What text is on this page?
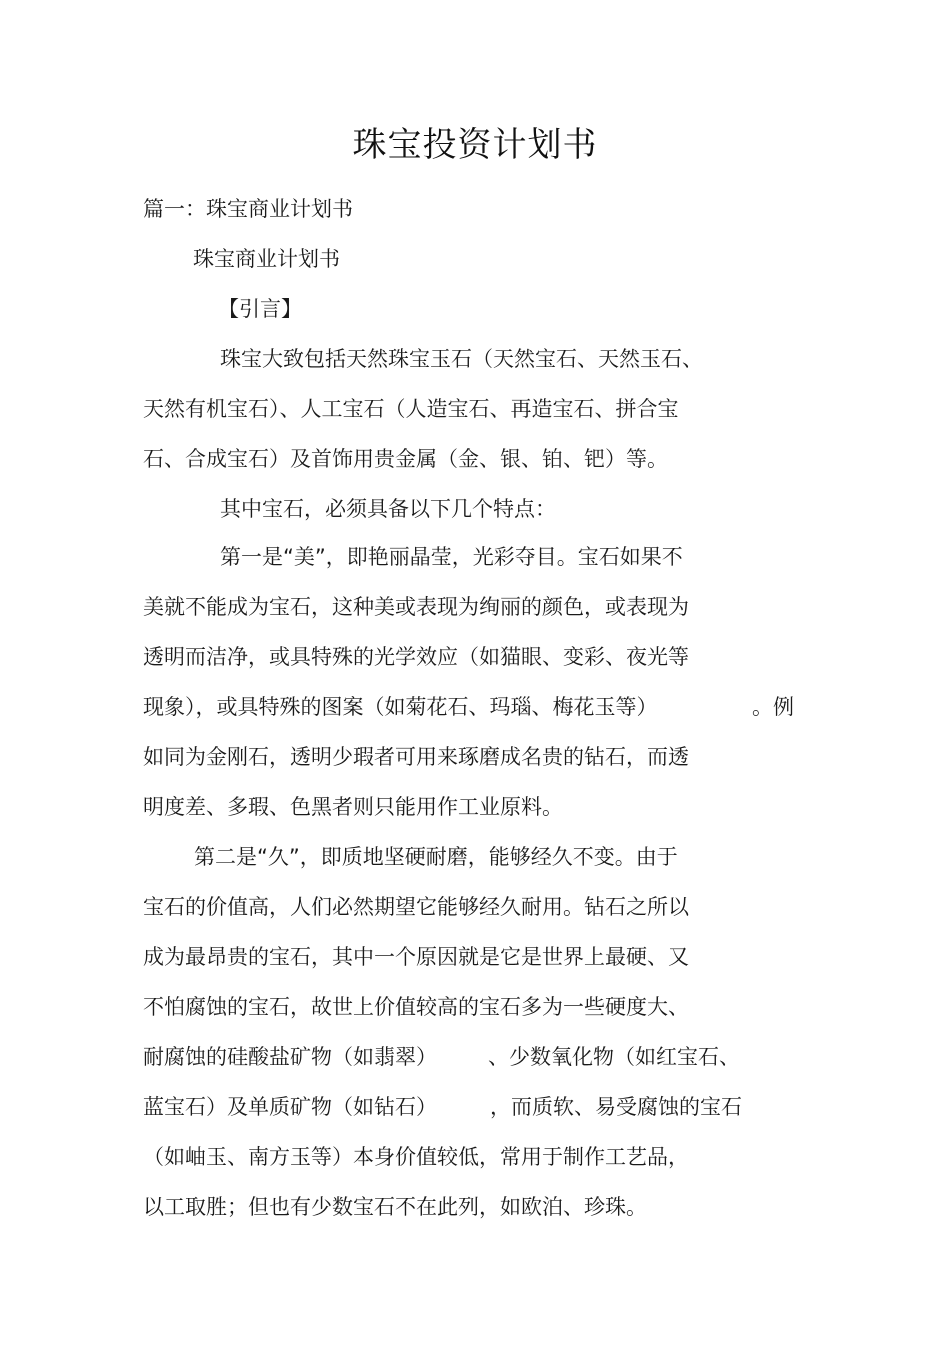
珠宝投资计划书
篇一：珠宝商业计划书
珠宝商业计划书
【引言】
珠宝大致包括天然珠宝玉石（天然宝石、天然玉石、
天然有机宝石）、人工宝石（人造宝石、再造宝石、拼合宝
石、合成宝石）及首饰用贵金属（金、银、铂、钯）等。
其中宝石，必须具备以下几个特点：
第一是“美”，即艳丽晶莹，光彩夺目。宝石如果不
美就不能成为宝石，这种美或表现为绚丽的颜色，或表现为
透明而洁净，或具特殊的光学效应（如猫眼、变彩、夜光等
现象），或具特殊的图案（如菊花石、玛瑙、梅花玉等）	。例
如同为金刚石，透明少瑕者可用来琢磨成名贵的钻石，而透
明度差、多瑕、色黑者则只能用作工业原料。
第二是“久”，即质地坚硬耐磨，能够经久不变。由于
宝石的价值高，人们必然期望它能够经久耐用。钻石之所以
成为最昂贵的宝石，其中一个原因就是它是世界上最硬、又
不怕腐蚀的宝石，故世上价值较高的宝石多为一些硬度大、
耐腐蚀的硅酸盐矿物（如翡翠） 、少数氧化物（如红宝石、
蓝宝石）及单质矿物（如钻石）	，而质软、易受腐蚀的宝石
（如岫玉、南方玉等）本身价值较低，常用于制作工艺品，
以工取胜；但也有少数宝石不在此列，如欧泊、珍珠。
